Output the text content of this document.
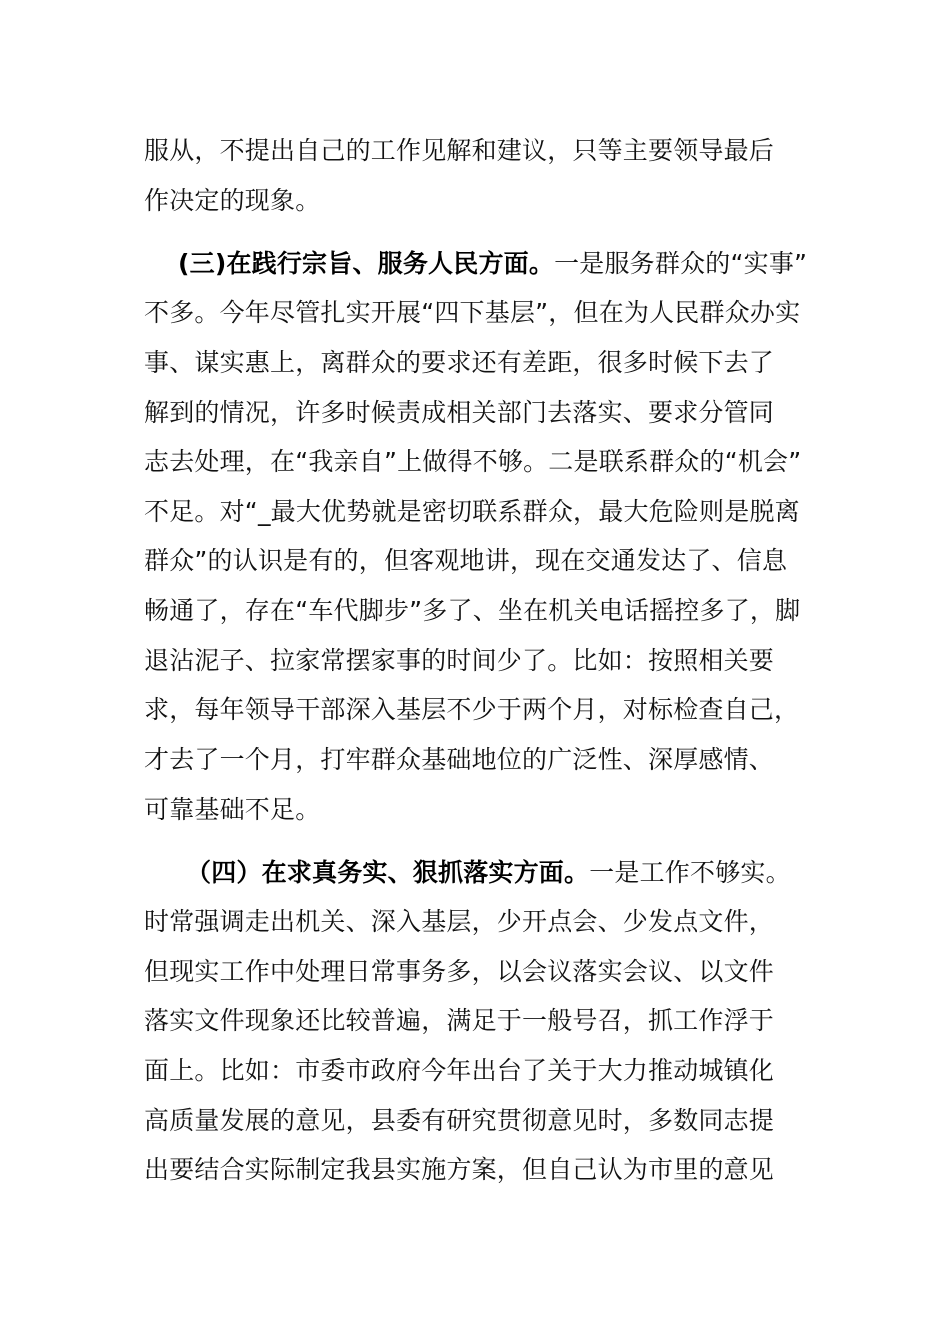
服从，不提出自己的工作见解和建议，只等主要领导最后

作决定的现象。

(三)在践行宗旨、服务人民方面。一是服务群众的“实事”

不多。今年尽管扎实开展“四下基层”，但在为人民群众办实

事、谋实惠上，离群众的要求还有差距，很多时候下去了

解到的情况，许多时候责成相关部门去落实、要求分管同

志去处理，在“我亲自”上做得不够。二是联系群众的“机会”

不足。对“_最大优势就是密切联系群众，最大危险则是脱离

群众”的认识是有的，但客观地讲，现在交通发达了、信息

畅通了，存在“车代脚步”多了、坐在机关电话摇控多了，脚

退沾泥子、拉家常摆家事的时间少了。比如：按照相关要

求，每年领导干部深入基层不少于两个月，对标检查自己，

才去了一个月，打牢群众基础地位的广泛性、深厚感情、

可靠基础不足。

（四）在求真务实、狠抓落实方面。一是工作不够实。

时常强调走出机关、深入基层，少开点会、少发点文件，

但现实工作中处理日常事务多，以会议落实会议、以文件

落实文件现象还比较普遍，满足于一般号召，抓工作浮于

面上。比如：市委市政府今年出台了关于大力推动城镇化

高质量发展的意见，县委有研究贯彻意见时，多数同志提

出要结合实际制定我县实施方案，但自己认为市里的意见
